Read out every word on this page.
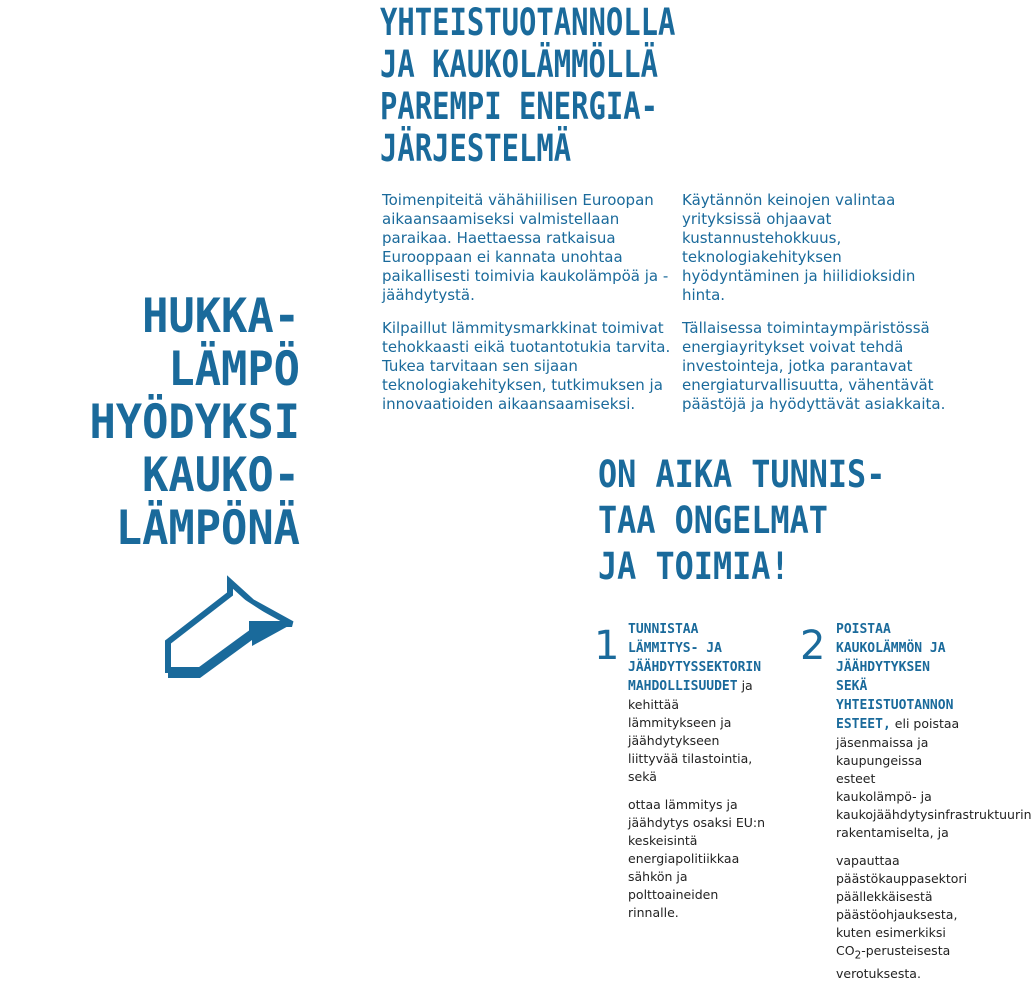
YHTEISTUOTANNOLLA
JA KAUKOLÄMMÖLLÄ
PAREMPI ENERGIA-
JÄRJESTELMÄ
HUKKA-
LÄMPÖ
HYÖDYKSI
KAUKO-
LÄMPÖNÄ

Toimenpiteitä vähähiilisen Euroopan aikaansaamiseksi valmistellaan paraikaa. Haettaessa ratkaisua Eurooppaan ei kannata unohtaa paikallisesti toimivia kaukolämpöä ja -jäähdytystä.

Kilpaillut lämmitysmarkkinat toimivat tehokkaasti eikä tuotantotukia tarvita. Tukea tarvitaan sen sijaan teknologiakehityksen, tutkimuksen ja innovaatioiden aikaansaamiseksi.

Käytännön keinojen valintaa yrityksissä ohjaavat kustannustehokkuus, teknologiakehityksen hyödyntäminen ja hiilidioksidin hinta.

Tällaisessa toimintaympäristössä energiayritykset voivat tehdä investointeja, jotka parantavat energiaturvallisuutta, vähentävät päästöjä ja hyödyttävät asiakkaita.

ON AIKA TUNNIS-
TAA ONGELMAT
JA TOIMIA!
1 TUNNISTAA LÄMMITYS- JA JÄÄHDYTYSSEKTORIN MAHDOLLISUUDET ja kehittää lämmitykseen ja jäähdytykseen liittyvää tilastointia, sekä

ottaa lämmitys ja jäähdytys osaksi EU:n keskeisintä energiapolitiikkaa sähkön ja polttoaineiden rinnalle.

2 POISTAA KAUKOLÄMMÖN JA JÄÄHDYTYKSEN SEKÄ YHTEISTUOTANNON ESTEET, eli poistaa jäsenmaissa ja kaupungeissa esteet kaukolämpö- ja kaukojäähdytysinfrastruktuurin rakentamiselta, ja

vapauttaa päästökauppasektori päällekkäisestä päästöohjauksesta, kuten esimerkiksi $CO_2$-perusteisesta verotuksesta.
